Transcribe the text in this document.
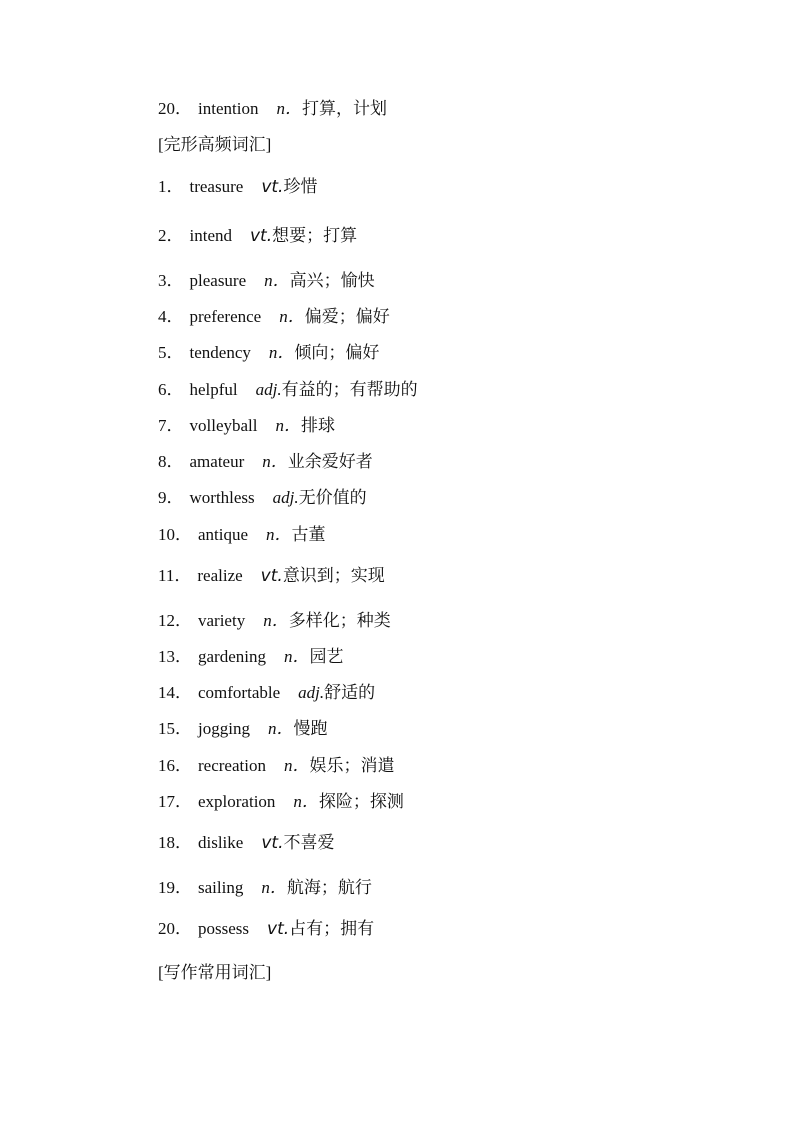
20． intention n．打算，计划
[完形高频词汇]
1． treasure vt.珍惜
2． intend vt.想要；打算
3． pleasure n．高兴；愉快
4． preference n．偏爱；偏好
5． tendency n．倾向；偏好
6． helpful adj.有益的；有帮助的
7． volleyball n．排球
8． amateur n．业余爱好者
9． worthless adj.无价值的
10． antique n．古董
11． realize vt.意识到；实现
12． variety n．多样化；种类
13． gardening n．园艺
14． comfortable adj.舒适的
15． jogging n．慢跑
16． recreation n．娱乐；消遣
17． exploration n．探险；探测
18． dislike vt.不喜爱
19． sailing n．航海；航行
20． possess vt.占有；拥有
[写作常用词汇]
